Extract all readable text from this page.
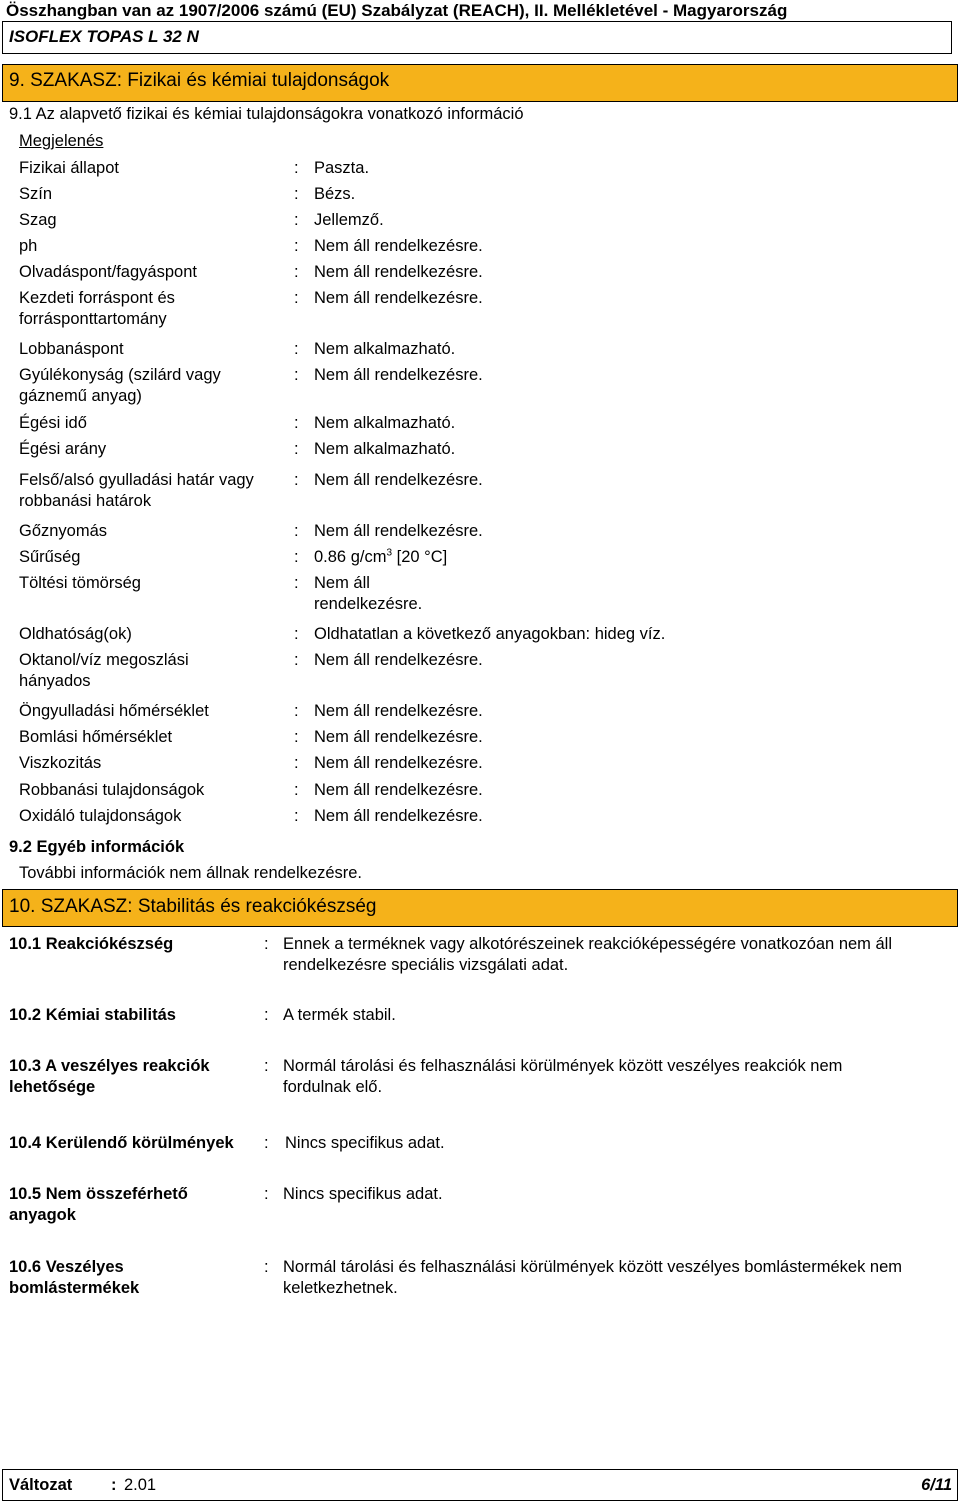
Összhangban van az 1907/2006 számú (EU) Szabályzat (REACH), II. Mellékletével - Magyarország
ISOFLEX TOPAS L 32 N
9. SZAKASZ: Fizikai és kémiai tulajdonságok
9.1 Az alapvető fizikai és kémiai tulajdonságokra vonatkozó információ
Megjelenés
Fizikai állapot	: Paszta.
Szín	: Bézs.
Szag	: Jellemző.
ph	: Nem áll rendelkezésre.
Olvadáspont/fagyáspont	: Nem áll rendelkezésre.
Kezdeti forráspont és forrásponttartomány
: Nem áll rendelkezésre.
Lobbanáspont	: Nem alkalmazható.
Gyúlékonyság (szilárd vagy gáznemű anyag)
: Nem áll rendelkezésre.
Égési idő	: Nem alkalmazható.
Égési arány	: Nem alkalmazható.
Felső/alsó gyulladási határ vagy robbanási határok
: Nem áll rendelkezésre.
Gőznyomás	: Nem áll rendelkezésre.
Sűrűség	: 0.86 $g/cm^3$ [20 °C]
Töltési tömörség	: Nem áll rendelkezésre.
Oldhatóság(ok)	: Oldhatatlan a következő anyagokban: hideg víz.
Oktanol/víz megoszlási hányados
: Nem áll rendelkezésre.
Öngyulladási hőmérséklet	: Nem áll rendelkezésre.
Bomlási hőmérséklet	: Nem áll rendelkezésre.
Viszkozitás	: Nem áll rendelkezésre.
Robbanási tulajdonságok	: Nem áll rendelkezésre.
Oxidáló tulajdonságok	: Nem áll rendelkezésre.
9.2 Egyéb információk
További információk nem állnak rendelkezésre.
10. SZAKASZ: Stabilitás és reakciókészség
10.1 Reakciókészség	: Ennek a terméknek vagy alkotórészeinek reakcióképességére vonatkozóan nem áll rendelkezésre speciális vizsgálati adat.
10.2 Kémiai stabilitás	: A termék stabil.
10.3 A veszélyes reakciók lehetősége
: Normál tárolási és felhasználási körülmények között veszélyes reakciók nem fordulnak elő.
10.4 Kerülendő körülmények	: Nincs specifikus adat.
10.5 Nem összeférhető anyagok
: Nincs specifikus adat.
10.6 Veszélyes bomlástermékek
: Normál tárolási és felhasználási körülmények között veszélyes bomlástermékek nem keletkezhetnek.
Változat : 2.01	6/11
